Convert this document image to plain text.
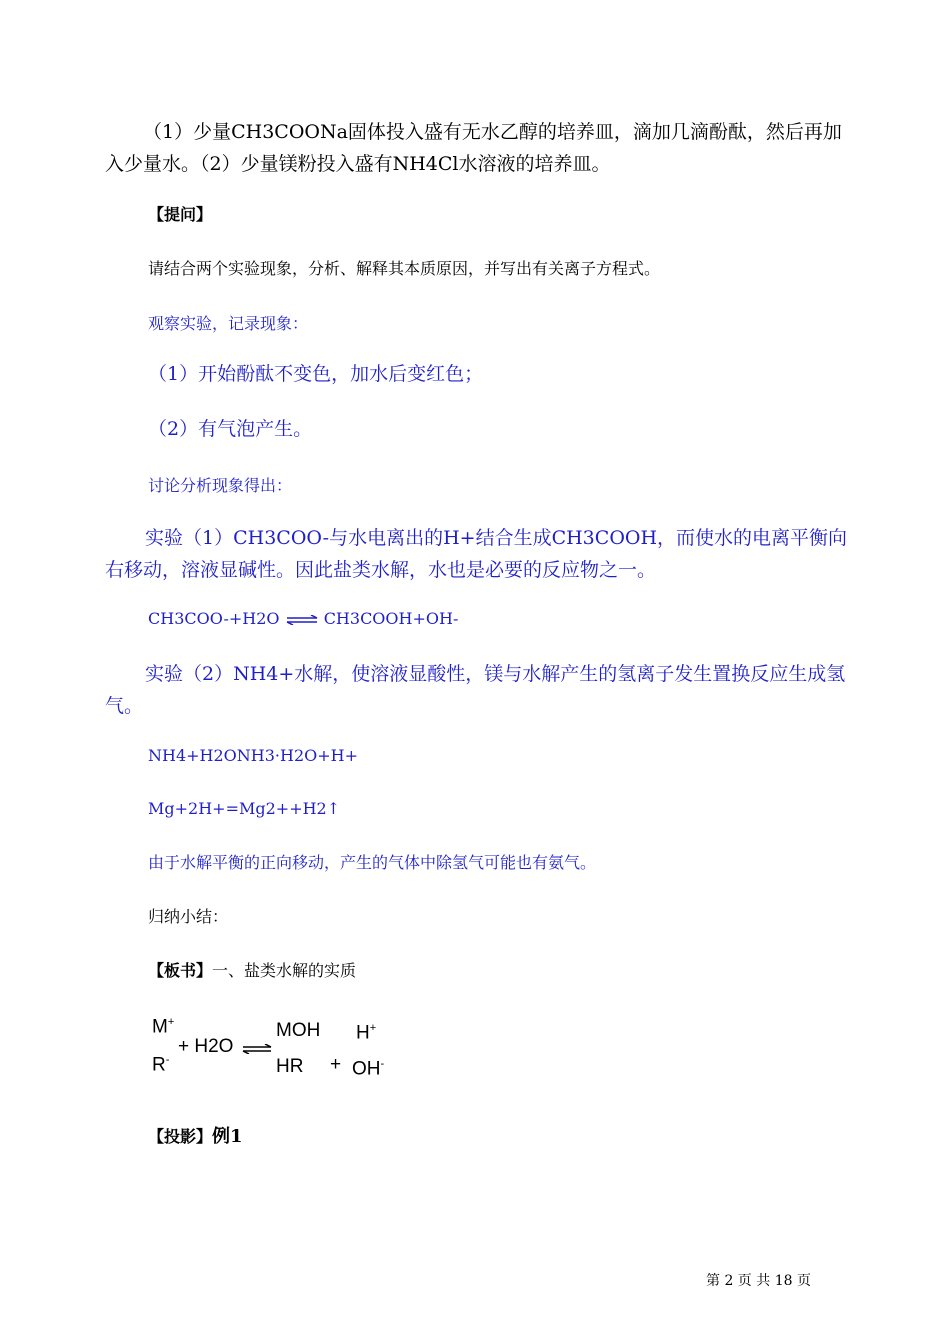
（1）少量CH3COONa固体投入盛有无水乙醇的培养皿，滴加几滴酚酞，然后再加入少量水。（2）少量镁粉投入盛有NH4Cl水溶液的培养皿。
【提问】
请结合两个实验现象，分析、解释其本质原因，并写出有关离子方程式。
观察实验，记录现象：
（1）开始酚酞不变色，加水后变红色；
（2）有气泡产生。
讨论分析现象得出：
实验（1）CH3COO-与水电离出的H+结合生成CH3COOH，而使水的电离平衡向右移动，溶液显碱性。因此盐类水解，水也是必要的反应物之一。
CH3COO-+H2O ⇌ CH3COOH+OH-
实验（2）NH4+水解，使溶液显酸性，镁与水解产生的氢离子发生置换反应生成氢气。
NH4+H2ONH3·H2O+H+
Mg+2H+=Mg2++H2↑
由于水解平衡的正向移动，产生的气体中除氢气可能也有氨气。
归纳小结：
【板书】一、盐类水解的实质
M+
R-
+ H2O ⇌
MOH
HR +
H+
OH-
【投影】例1
第 2 页 共 18 页
